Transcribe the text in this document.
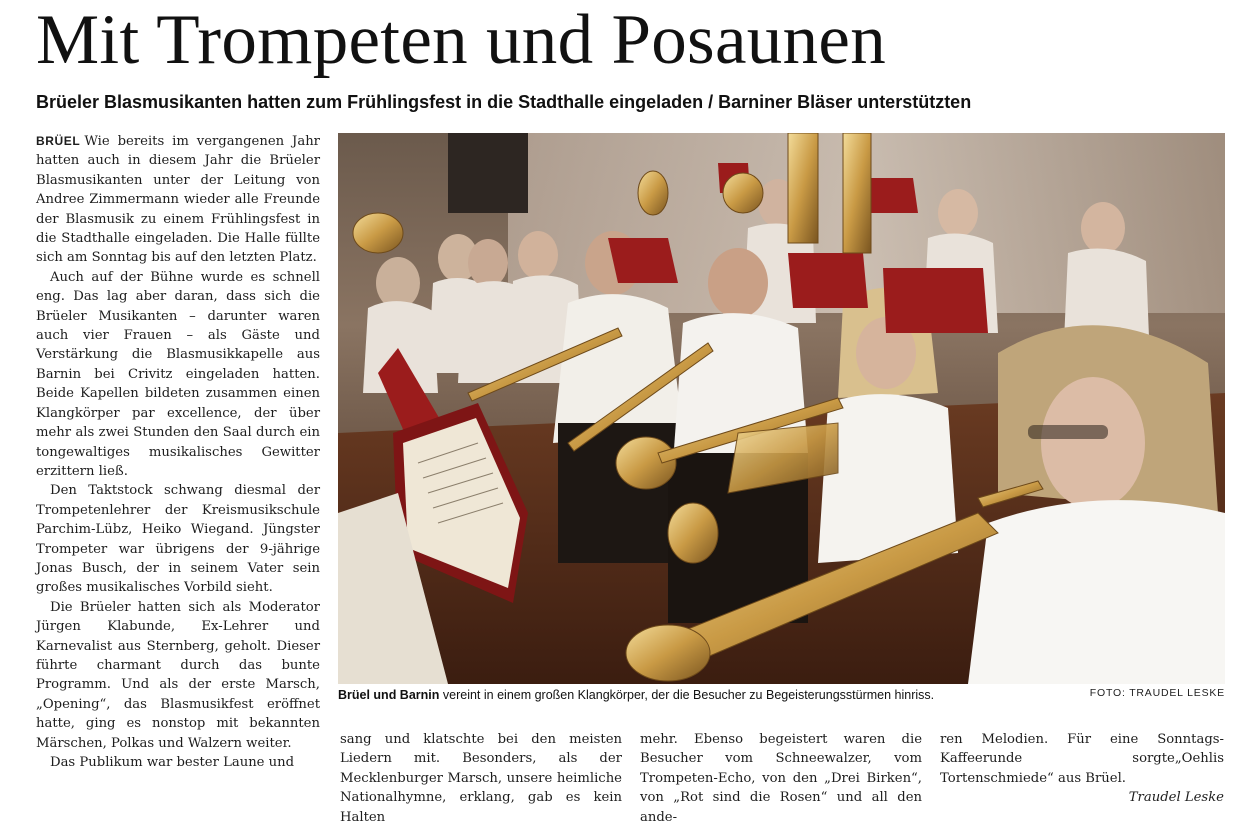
Mit Trompeten und Posaunen
Brüeler Blasmusikanten hatten zum Frühlingsfest in die Stadthalle eingeladen / Barniner Bläser unterstützten

BRÜEL Wie bereits im vergangenen Jahr hatten auch in diesem Jahr die Brüeler Blasmusikanten unter der Leitung von Andree Zimmermann wieder alle Freunde der Blasmusik zu einem Frühlingsfest in die Stadthalle eingeladen. Die Halle füllte sich am Sonntag bis auf den letzten Platz.

Auch auf der Bühne wurde es schnell eng. Das lag aber daran, dass sich die Brüeler Musikanten – darunter waren auch vier Frauen – als Gäste und Verstärkung die Blasmusikkapelle aus Barnin bei Crivitz eingeladen hatten. Beide Kapellen bildeten zusammen einen Klangkörper par excellence, der über mehr als zwei Stunden den Saal durch ein tongewaltiges musikalisches Gewitter erzittern ließ.

Den Taktstock schwang diesmal der Trompetenlehrer der Kreismusikschule Parchim-Lübz, Heiko Wiegand. Jüngster Trompeter war übrigens der 9-jährige Jonas Busch, der in seinem Vater sein großes musikalisches Vorbild sieht.

Die Brüeler hatten sich als Moderator Jürgen Klabunde, Ex-Lehrer und Karnevalist aus Sternberg, geholt. Dieser führte charmant durch das bunte Programm. Und als der erste Marsch, „Opening“, das Blasmusikfest eröffnet hatte, ging es nonstop mit bekannten Märschen, Polkas und Walzern weiter.

Das Publikum war bester Laune und

Brüel und Barnin vereint in einem großen Klangkörper, der die Besucher zu Begeisterungsstürmen hinriss.	FOTO: TRAUDEL LESKE

sang und klatschte bei den meisten Liedern mit. Besonders, als der Mecklenburger Marsch, unsere heimliche Nationalhymne, erklang, gab es kein Halten

mehr. Ebenso begeistert waren die Besucher vom Schneewalzer, vom Trompeten-Echo, von den „Drei Birken“, von „Rot sind die Rosen“ und all den ande-

ren Melodien. Für eine Sonntags-Kaffeerunde sorgte„Oehlis Tortenschmiede“ aus Brüel.

Traudel Leske
